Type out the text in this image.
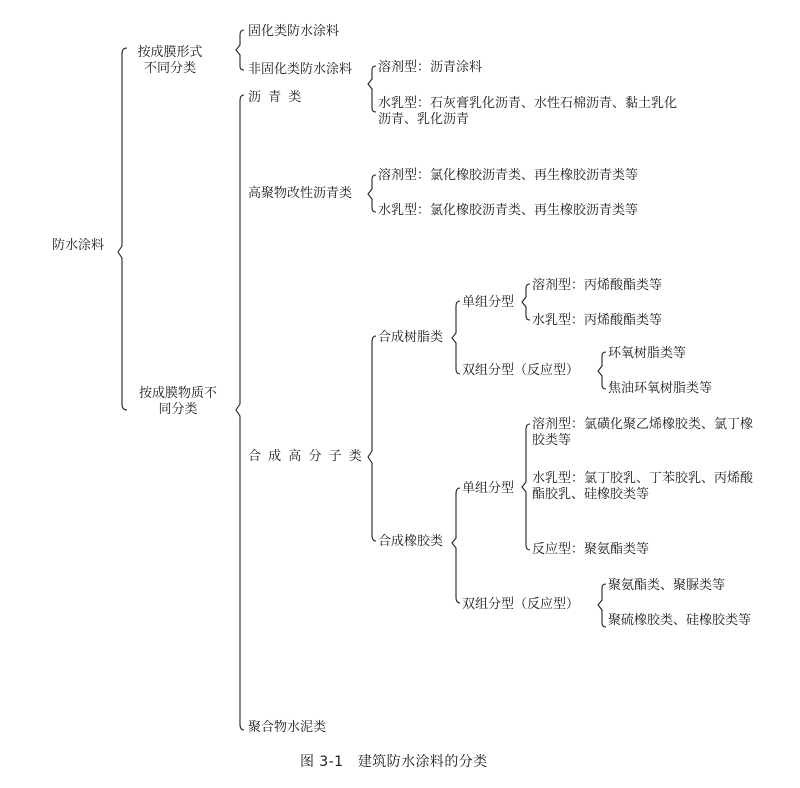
防水涂料
按成膜形式不同分类
按成膜物质不同分类
固化类防水涂料
非固化类防水涂料 溶剂型：沥青涂料
水乳型：石灰膏乳化沥青、水性石棉沥青、黏土乳化沥青、乳化沥青
沥青类
高聚物改性沥青类
溶剂型：氯化橡胶沥青类、再生橡胶沥青类等
水乳型：氯化橡胶沥青类、再生橡胶沥青类等
合成高分子类
合成树脂类
单组分型
溶剂型：丙烯酸酯类等
水乳型：丙烯酸酯类等
双组分型（反应型）
环氧树脂类等
焦油环氧树脂类等
合成橡胶类
单组分型
溶剂型：氯磺化聚乙烯橡胶类、氯丁橡胶类等
水乳型：氯丁胶乳、丁苯胶乳、丙烯酸酯胶乳、硅橡胶类等
反应型：聚氨酯类等
双组分型（反应型）
聚氨酯类、聚脲类等
聚硫橡胶类、硅橡胶类等
聚合物水泥类
图 3-1　建筑防水涂料的分类
